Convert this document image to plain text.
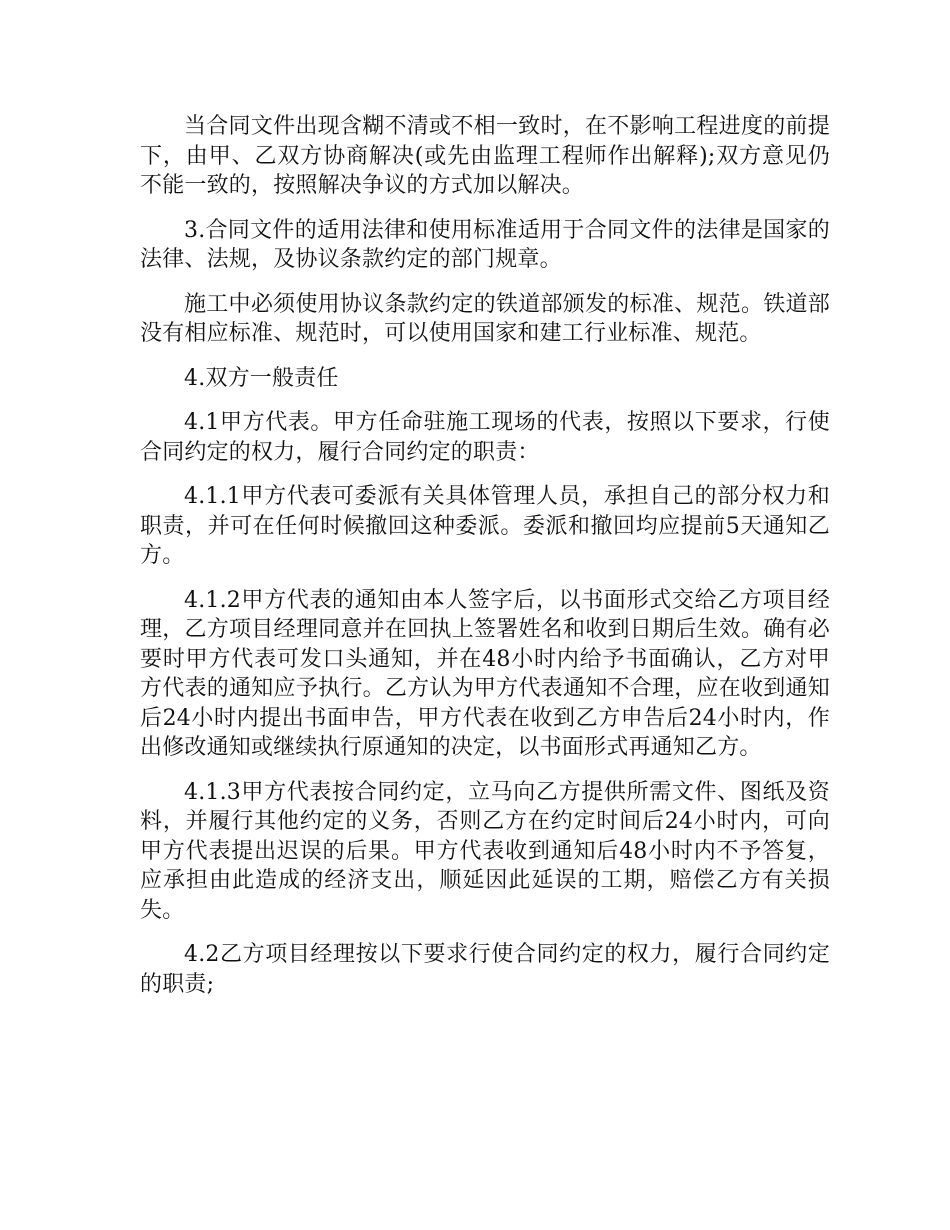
当合同文件出现含糊不清或不相一致时，在不影响工程进度的前提下，由甲、乙双方协商解决(或先由监理工程师作出解释);双方意见仍不能一致的，按照解决争议的方式加以解决。

3.合同文件的适用法律和使用标准适用于合同文件的法律是国家的法律、法规，及协议条款约定的部门规章。

施工中必须使用协议条款约定的铁道部颁发的标准、规范。铁道部没有相应标准、规范时，可以使用国家和建工行业标准、规范。

4.双方一般责任

4.1甲方代表。甲方任命驻施工现场的代表，按照以下要求，行使合同约定的权力，履行合同约定的职责：

4.1.1甲方代表可委派有关具体管理人员，承担自己的部分权力和职责，并可在任何时候撤回这种委派。委派和撤回均应提前5天通知乙方。

4.1.2甲方代表的通知由本人签字后，以书面形式交给乙方项目经理，乙方项目经理同意并在回执上签署姓名和收到日期后生效。确有必要时甲方代表可发口头通知，并在48小时内给予书面确认，乙方对甲方代表的通知应予执行。乙方认为甲方代表通知不合理，应在收到通知后24小时内提出书面申告，甲方代表在收到乙方申告后24小时内，作出修改通知或继续执行原通知的决定，以书面形式再通知乙方。

4.1.3甲方代表按合同约定，立马向乙方提供所需文件、图纸及资料，并履行其他约定的义务，否则乙方在约定时间后24小时内，可向甲方代表提出迟误的后果。甲方代表收到通知后48小时内不予答复，应承担由此造成的经济支出，顺延因此延误的工期，赔偿乙方有关损失。

4.2乙方项目经理按以下要求行使合同约定的权力，履行合同约定的职责;
